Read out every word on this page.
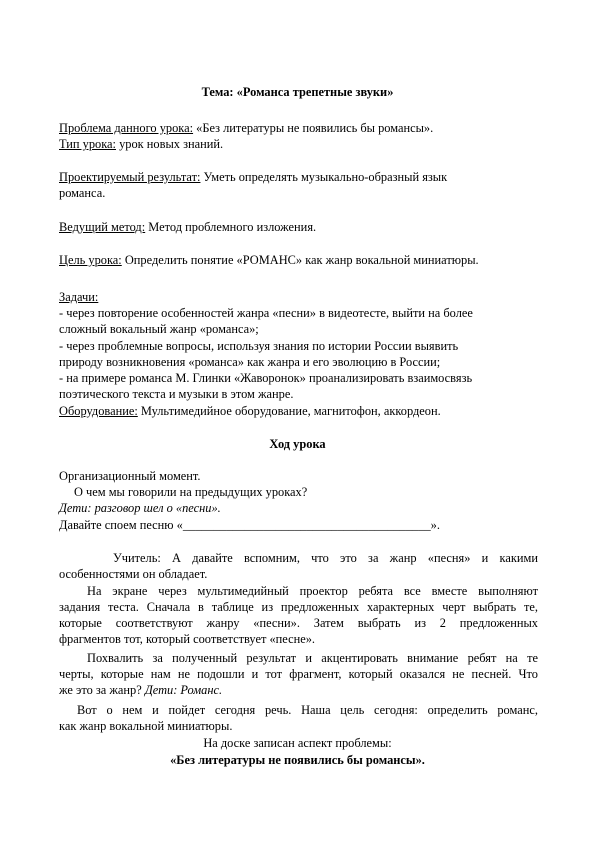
Тема: «Романса трепетные звуки»
Проблема данного урока: «Без литературы не появились бы романсы».
Тип урока: урок новых знаний.
Проектируемый результат: Уметь определять музыкально-образный язык
романса.
Ведущий метод: Метод проблемного изложения.
Цель урока: Определить понятие «РОМАНС» как жанр вокальной миниатюры.
Задачи:
- через повторение особенностей жанра «песни» в видеотесте, выйти на более
сложный вокальный жанр «романса»;
- через проблемные вопросы, используя знания по истории России выявить
природу возникновения «романса» как жанра и его эволюцию в России;
- на примере романса М. Глинки «Жаворонок» проанализировать взаимосвязь
поэтического текста и музыки в этом жанре.
Оборудование: Мультимедийное оборудование, магнитофон, аккордеон.
Ход урока
Организационный момент.
О чем мы говорили на предыдущих уроках?
Дети: разговор шел о «песни».
Давайте споем песню «________________________________________».
Учитель: А давайте вспомним, что это за жанр «песня» и какими
особенностями он обладает.
На экране через мультимедийный проектор ребята все вместе выполняют
задания теста. Сначала в таблице из предложенных характерных черт выбрать те,
которые соответствуют жанру «песни». Затем выбрать из 2 предложенных
фрагментов тот, который соответствует «песне».
Похвалить за полученный результат и акцентировать внимание ребят на те
черты, которые нам не подошли и тот фрагмент, который оказался не песней. Что
же это за жанр? Дети: Романс.
Вот о нем и пойдет сегодня речь. Наша цель сегодня: определить романс,
как жанр вокальной миниатюры.
На доске записан аспект проблемы:
«Без литературы не появились бы романсы».
